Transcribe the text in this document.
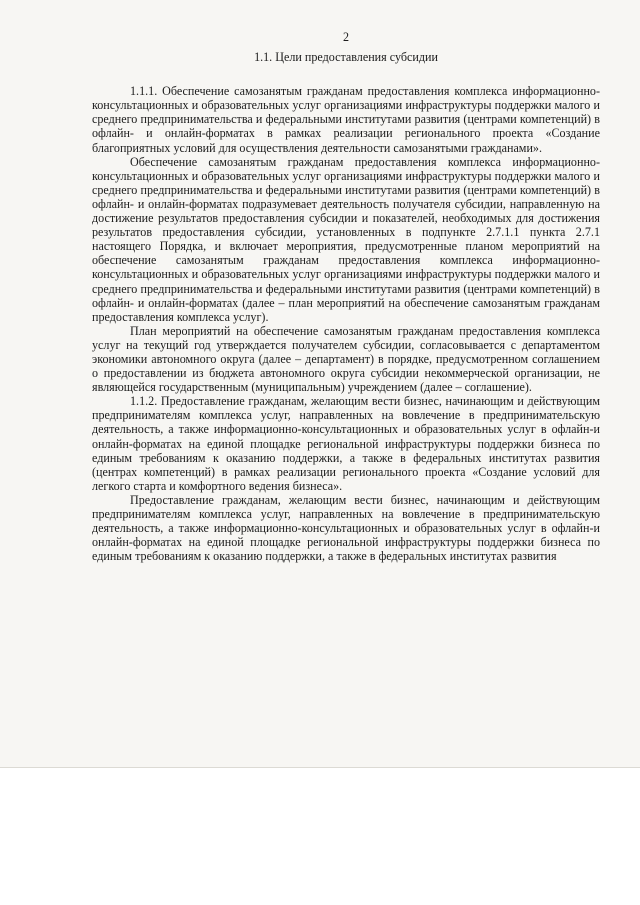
2
1.1. Цели предоставления субсидии

1.1.1. Обеспечение самозанятым гражданам предоставления комплекса информационно-консультационных и образовательных услуг организациями инфраструктуры поддержки малого и среднего предпринимательства и федеральными институтами развития (центрами компетенций) в офлайн- и онлайн-форматах в рамках реализации регионального проекта «Создание благоприятных условий для осуществления деятельности самозанятыми гражданами».

Обеспечение самозанятым гражданам предоставления комплекса информационно-консультационных и образовательных услуг организациями инфраструктуры поддержки малого и среднего предпринимательства и федеральными институтами развития (центрами компетенций) в офлайн- и онлайн-форматах подразумевает деятельность получателя субсидии, направленную на достижение результатов предоставления субсидии и показателей, необходимых для достижения результатов предоставления субсидии, установленных в подпункте 2.7.1.1 пункта 2.7.1 настоящего Порядка, и включает мероприятия, предусмотренные планом мероприятий на обеспечение самозанятым гражданам предоставления комплекса информационно-консультационных и образовательных услуг организациями инфраструктуры поддержки малого и среднего предпринимательства и федеральными институтами развития (центрами компетенций) в офлайн- и онлайн-форматах (далее – план мероприятий на обеспечение самозанятым гражданам предоставления комплекса услуг).

План мероприятий на обеспечение самозанятым гражданам предоставления комплекса услуг на текущий год утверждается получателем субсидии, согласовывается с департаментом экономики автономного округа (далее – департамент) в порядке, предусмотренном соглашением о предоставлении из бюджета автономного округа субсидии некоммерческой организации, не являющейся государственным (муниципальным) учреждением (далее – соглашение).

1.1.2. Предоставление гражданам, желающим вести бизнес, начинающим и действующим предпринимателям комплекса услуг, направленных на вовлечение в предпринимательскую деятельность, а также информационно-консультационных и образовательных услуг в офлайн-и онлайн-форматах на единой площадке региональной инфраструктуры поддержки бизнеса по единым требованиям к оказанию поддержки, а также в федеральных институтах развития (центрах компетенций) в рамках реализации регионального проекта «Создание условий для легкого старта и комфортного ведения бизнеса».

Предоставление гражданам, желающим вести бизнес, начинающим и действующим предпринимателям комплекса услуг, направленных на вовлечение в предпринимательскую деятельность, а также информационно-консультационных и образовательных услуг в офлайн-и онлайн-форматах на единой площадке региональной инфраструктуры поддержки бизнеса по единым требованиям к оказанию поддержки, а также в федеральных институтах развития
